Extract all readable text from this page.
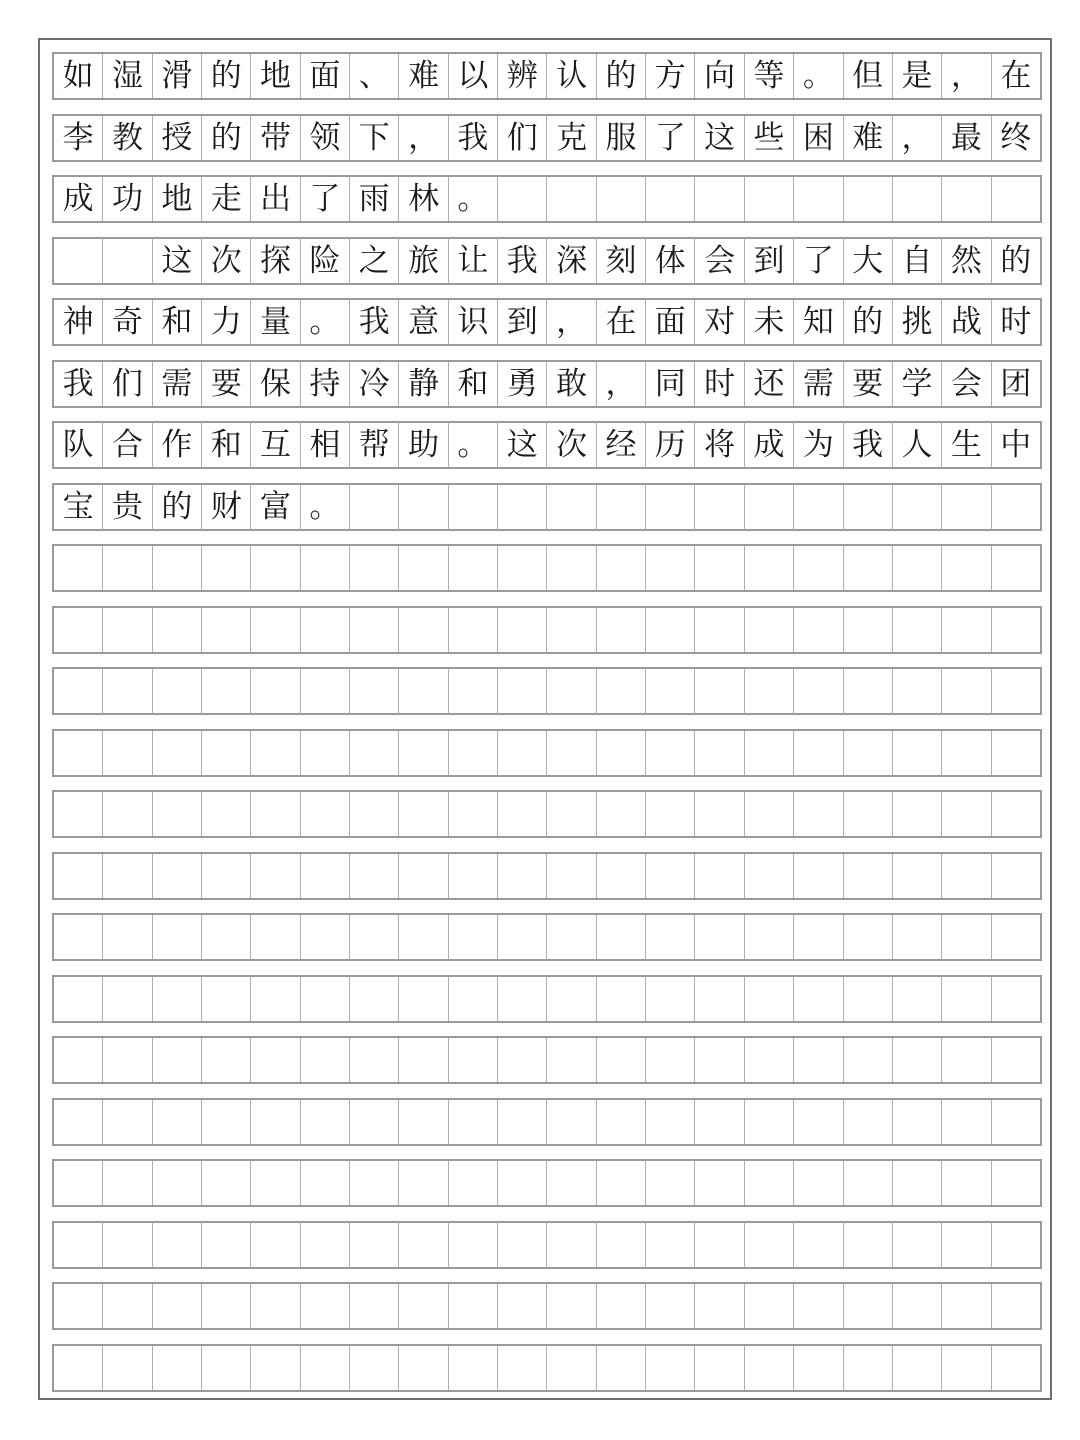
如 湿 滑 的 地 面 、 难 以 辨 认 的 方 向 等 。 但 是 ， 在
李 教 授 的 带 领 下 ， 我 们 克 服 了 这 些 困 难 ， 最 终
成 功 地 走 出 了 雨 林 。
这 次 探 险 之 旅 让 我 深 刻 体 会 到 了 大 自 然 的
神 奇 和 力 量 。 我 意 识 到 ， 在 面 对 未 知 的 挑 战 时
我 们 需 要 保 持 冷 静 和 勇 敢 ， 同 时 还 需 要 学 会 团
队 合 作 和 互 相 帮 助 。 这 次 经 历 将 成 为 我 人 生 中
宝 贵 的 财 富 。
